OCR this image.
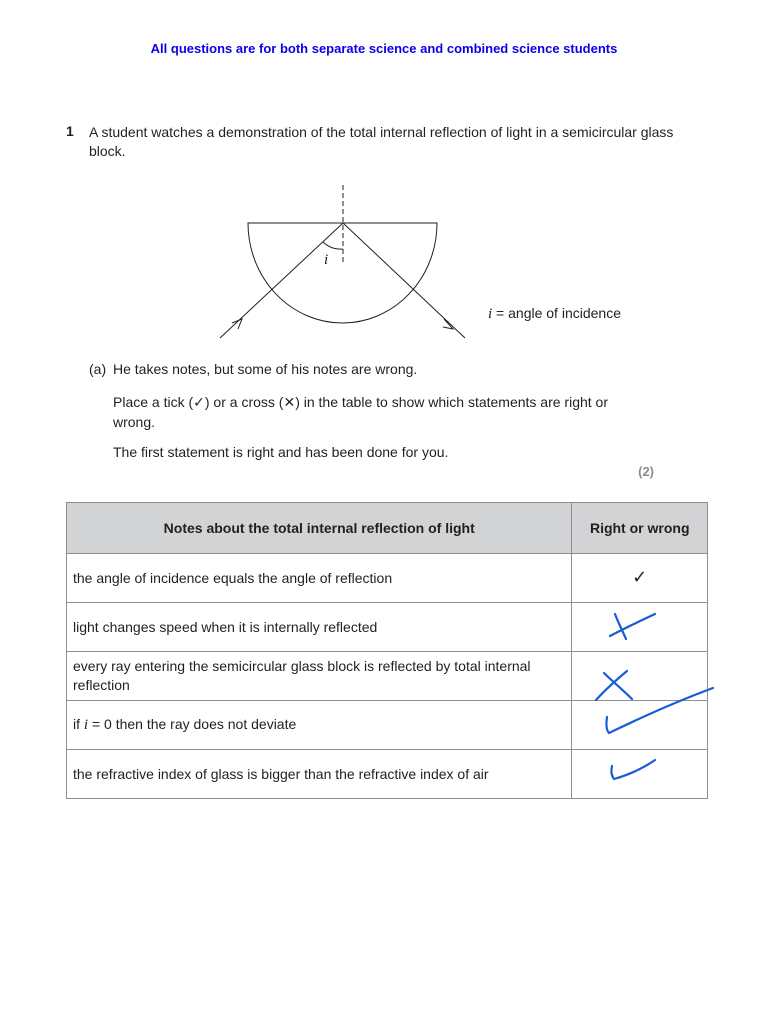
All questions are for both separate science and combined science students
1 A student watches a demonstration of the total internal reflection of light in a semicircular glass block.
i
i = angle of incidence
(a) He takes notes, but some of his notes are wrong.
Place a tick (✓) or a cross (✕) in the table to show which statements are right or wrong.
The first statement is right and has been done for you.
(2)
Notes about the total internal reflection of light	Right or wrong
the angle of incidence equals the angle of reflection	✓
light changes speed when it is internally reflected	
every ray entering the semicircular glass block is reflected by total internal reflection	
if i = 0 then the ray does not deviate	
the refractive index of glass is bigger than the refractive index of air	
